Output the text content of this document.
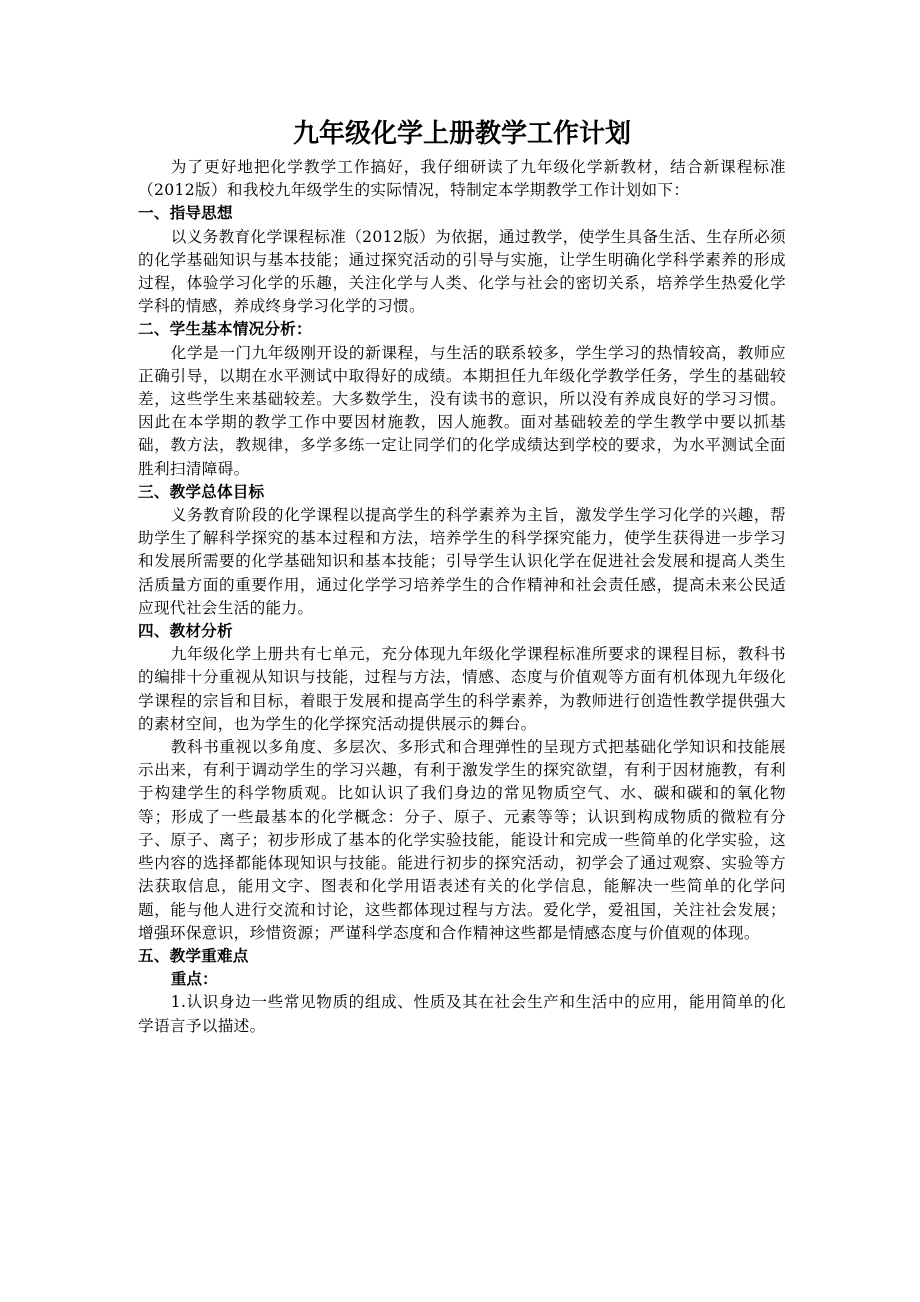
九年级化学上册教学工作计划

为了更好地把化学教学工作搞好，我仔细研读了九年级化学新教材，结合新课程标准（2012版）和我校九年级学生的实际情况，特制定本学期教学工作计划如下：

一、指导思想

以义务教育化学课程标准（2012版）为依据，通过教学，使学生具备生活、生存所必须的化学基础知识与基本技能；通过探究活动的引导与实施，让学生明确化学科学素养的形成过程，体验学习化学的乐趣，关注化学与人类、化学与社会的密切关系，培养学生热爱化学学科的情感，养成终身学习化学的习惯。

二、学生基本情况分析：

化学是一门九年级刚开设的新课程，与生活的联系较多，学生学习的热情较高，教师应正确引导，以期在水平测试中取得好的成绩。本期担任九年级化学教学任务，学生的基础较差，这些学生来基础较差。大多数学生，没有读书的意识，所以没有养成良好的学习习惯。因此在本学期的教学工作中要因材施教，因人施教。面对基础较差的学生教学中要以抓基础，教方法，教规律，多学多练一定让同学们的化学成绩达到学校的要求，为水平测试全面胜利扫清障碍。

三、教学总体目标

义务教育阶段的化学课程以提高学生的科学素养为主旨，激发学生学习化学的兴趣，帮助学生了解科学探究的基本过程和方法，培养学生的科学探究能力，使学生获得进一步学习和发展所需要的化学基础知识和基本技能；引导学生认识化学在促进社会发展和提高人类生活质量方面的重要作用，通过化学学习培养学生的合作精神和社会责任感，提高未来公民适应现代社会生活的能力。

四、教材分析

九年级化学上册共有七单元，充分体现九年级化学课程标准所要求的课程目标，教科书的编排十分重视从知识与技能，过程与方法，情感、态度与价值观等方面有机体现九年级化学课程的宗旨和目标，着眼于发展和提高学生的科学素养，为教师进行创造性教学提供强大的素材空间，也为学生的化学探究活动提供展示的舞台。

教科书重视以多角度、多层次、多形式和合理弹性的呈现方式把基础化学知识和技能展示出来，有利于调动学生的学习兴趣，有利于激发学生的探究欲望，有利于因材施教，有利于构建学生的科学物质观。比如认识了我们身边的常见物质空气、水、碳和碳和的氧化物等；形成了一些最基本的化学概念：分子、原子、元素等等；认识到构成物质的微粒有分子、原子、离子；初步形成了基本的化学实验技能，能设计和完成一些简单的化学实验，这些内容的选择都能体现知识与技能。能进行初步的探究活动，初学会了通过观察、实验等方法获取信息，能用文字、图表和化学用语表述有关的化学信息，能解决一些简单的化学问题，能与他人进行交流和讨论，这些都体现过程与方法。爱化学，爱祖国，关注社会发展；增强环保意识，珍惜资源；严谨科学态度和合作精神这些都是情感态度与价值观的体现。

五、教学重难点
重点：

1.认识身边一些常见物质的组成、性质及其在社会生产和生活中的应用，能用简单的化学语言予以描述。
